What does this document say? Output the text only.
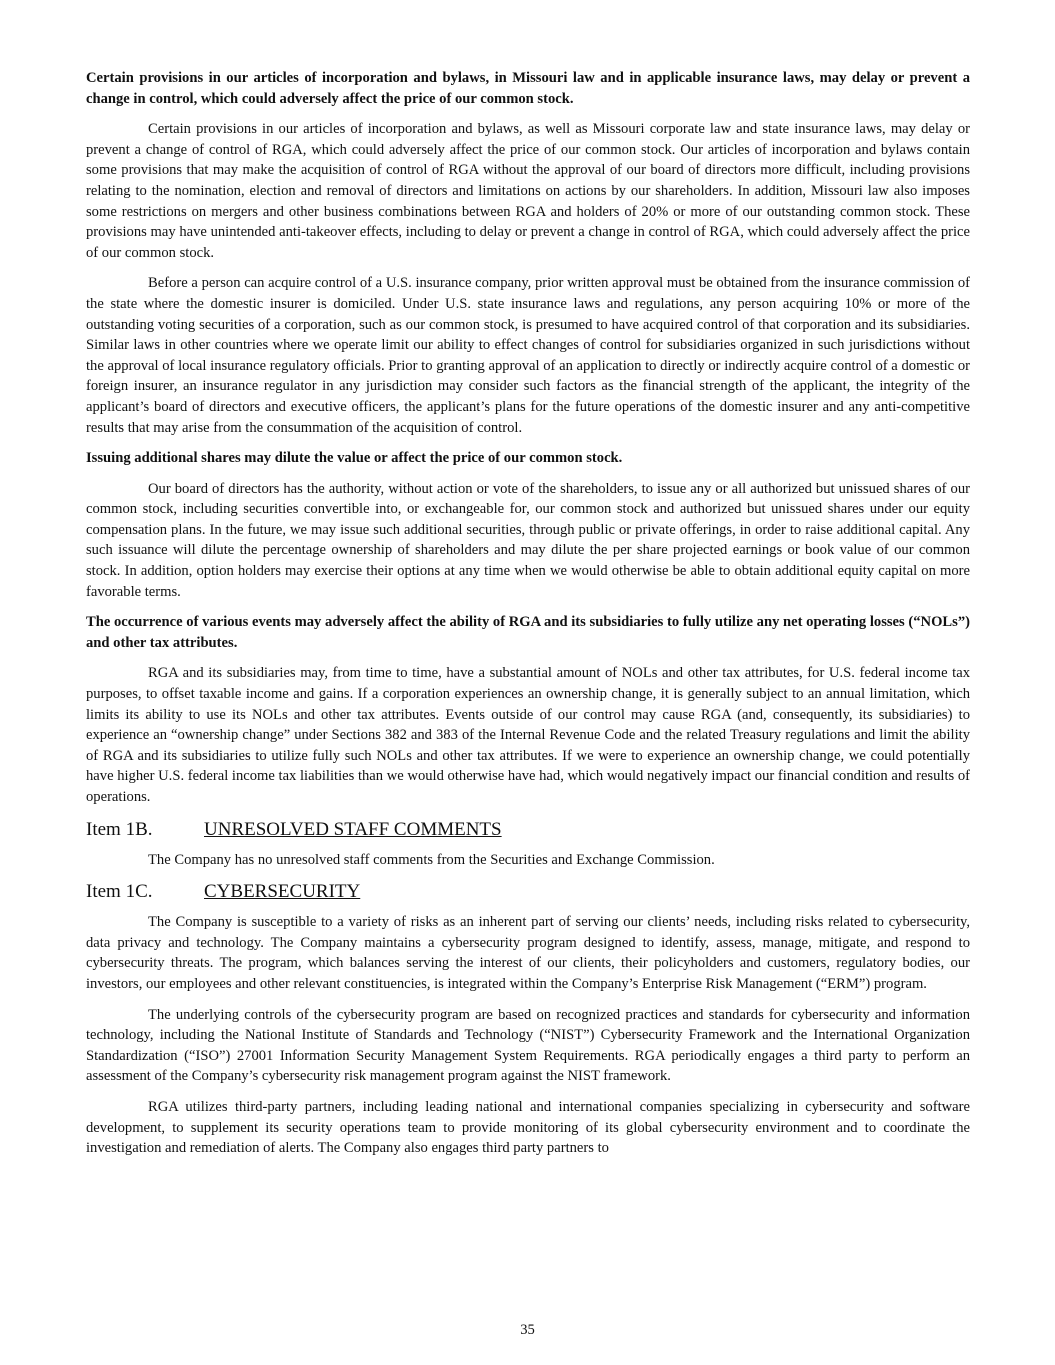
Certain provisions in our articles of incorporation and bylaws, in Missouri law and in applicable insurance laws, may delay or prevent a change in control, which could adversely affect the price of our common stock.

Certain provisions in our articles of incorporation and bylaws, as well as Missouri corporate law and state insurance laws, may delay or prevent a change of control of RGA, which could adversely affect the price of our common stock. Our articles of incorporation and bylaws contain some provisions that may make the acquisition of control of RGA without the approval of our board of directors more difficult, including provisions relating to the nomination, election and removal of directors and limitations on actions by our shareholders. In addition, Missouri law also imposes some restrictions on mergers and other business combinations between RGA and holders of 20% or more of our outstanding common stock. These provisions may have unintended anti-takeover effects, including to delay or prevent a change in control of RGA, which could adversely affect the price of our common stock.

Before a person can acquire control of a U.S. insurance company, prior written approval must be obtained from the insurance commission of the state where the domestic insurer is domiciled. Under U.S. state insurance laws and regulations, any person acquiring 10% or more of the outstanding voting securities of a corporation, such as our common stock, is presumed to have acquired control of that corporation and its subsidiaries. Similar laws in other countries where we operate limit our ability to effect changes of control for subsidiaries organized in such jurisdictions without the approval of local insurance regulatory officials. Prior to granting approval of an application to directly or indirectly acquire control of a domestic or foreign insurer, an insurance regulator in any jurisdiction may consider such factors as the financial strength of the applicant, the integrity of the applicant’s board of directors and executive officers, the applicant’s plans for the future operations of the domestic insurer and any anti-competitive results that may arise from the consummation of the acquisition of control.

Issuing additional shares may dilute the value or affect the price of our common stock.

Our board of directors has the authority, without action or vote of the shareholders, to issue any or all authorized but unissued shares of our common stock, including securities convertible into, or exchangeable for, our common stock and authorized but unissued shares under our equity compensation plans. In the future, we may issue such additional securities, through public or private offerings, in order to raise additional capital. Any such issuance will dilute the percentage ownership of shareholders and may dilute the per share projected earnings or book value of our common stock. In addition, option holders may exercise their options at any time when we would otherwise be able to obtain additional equity capital on more favorable terms.

The occurrence of various events may adversely affect the ability of RGA and its subsidiaries to fully utilize any net operating losses (“NOLs”) and other tax attributes.

RGA and its subsidiaries may, from time to time, have a substantial amount of NOLs and other tax attributes, for U.S. federal income tax purposes, to offset taxable income and gains. If a corporation experiences an ownership change, it is generally subject to an annual limitation, which limits its ability to use its NOLs and other tax attributes. Events outside of our control may cause RGA (and, consequently, its subsidiaries) to experience an “ownership change” under Sections 382 and 383 of the Internal Revenue Code and the related Treasury regulations and limit the ability of RGA and its subsidiaries to utilize fully such NOLs and other tax attributes. If we were to experience an ownership change, we could potentially have higher U.S. federal income tax liabilities than we would otherwise have had, which would negatively impact our financial condition and results of operations.

Item 1B.	UNRESOLVED STAFF COMMENTS

The Company has no unresolved staff comments from the Securities and Exchange Commission.

Item 1C.	CYBERSECURITY

The Company is susceptible to a variety of risks as an inherent part of serving our clients’ needs, including risks related to cybersecurity, data privacy and technology. The Company maintains a cybersecurity program designed to identify, assess, manage, mitigate, and respond to cybersecurity threats. The program, which balances serving the interest of our clients, their policyholders and customers, regulatory bodies, our investors, our employees and other relevant constituencies, is integrated within the Company’s Enterprise Risk Management (“ERM”) program.

The underlying controls of the cybersecurity program are based on recognized practices and standards for cybersecurity and information technology, including the National Institute of Standards and Technology (“NIST”) Cybersecurity Framework and the International Organization Standardization (“ISO”) 27001 Information Security Management System Requirements. RGA periodically engages a third party to perform an assessment of the Company’s cybersecurity risk management program against the NIST framework.

RGA utilizes third-party partners, including leading national and international companies specializing in cybersecurity and software development, to supplement its security operations team to provide monitoring of its global cybersecurity environment and to coordinate the investigation and remediation of alerts. The Company also engages third party partners to

35
